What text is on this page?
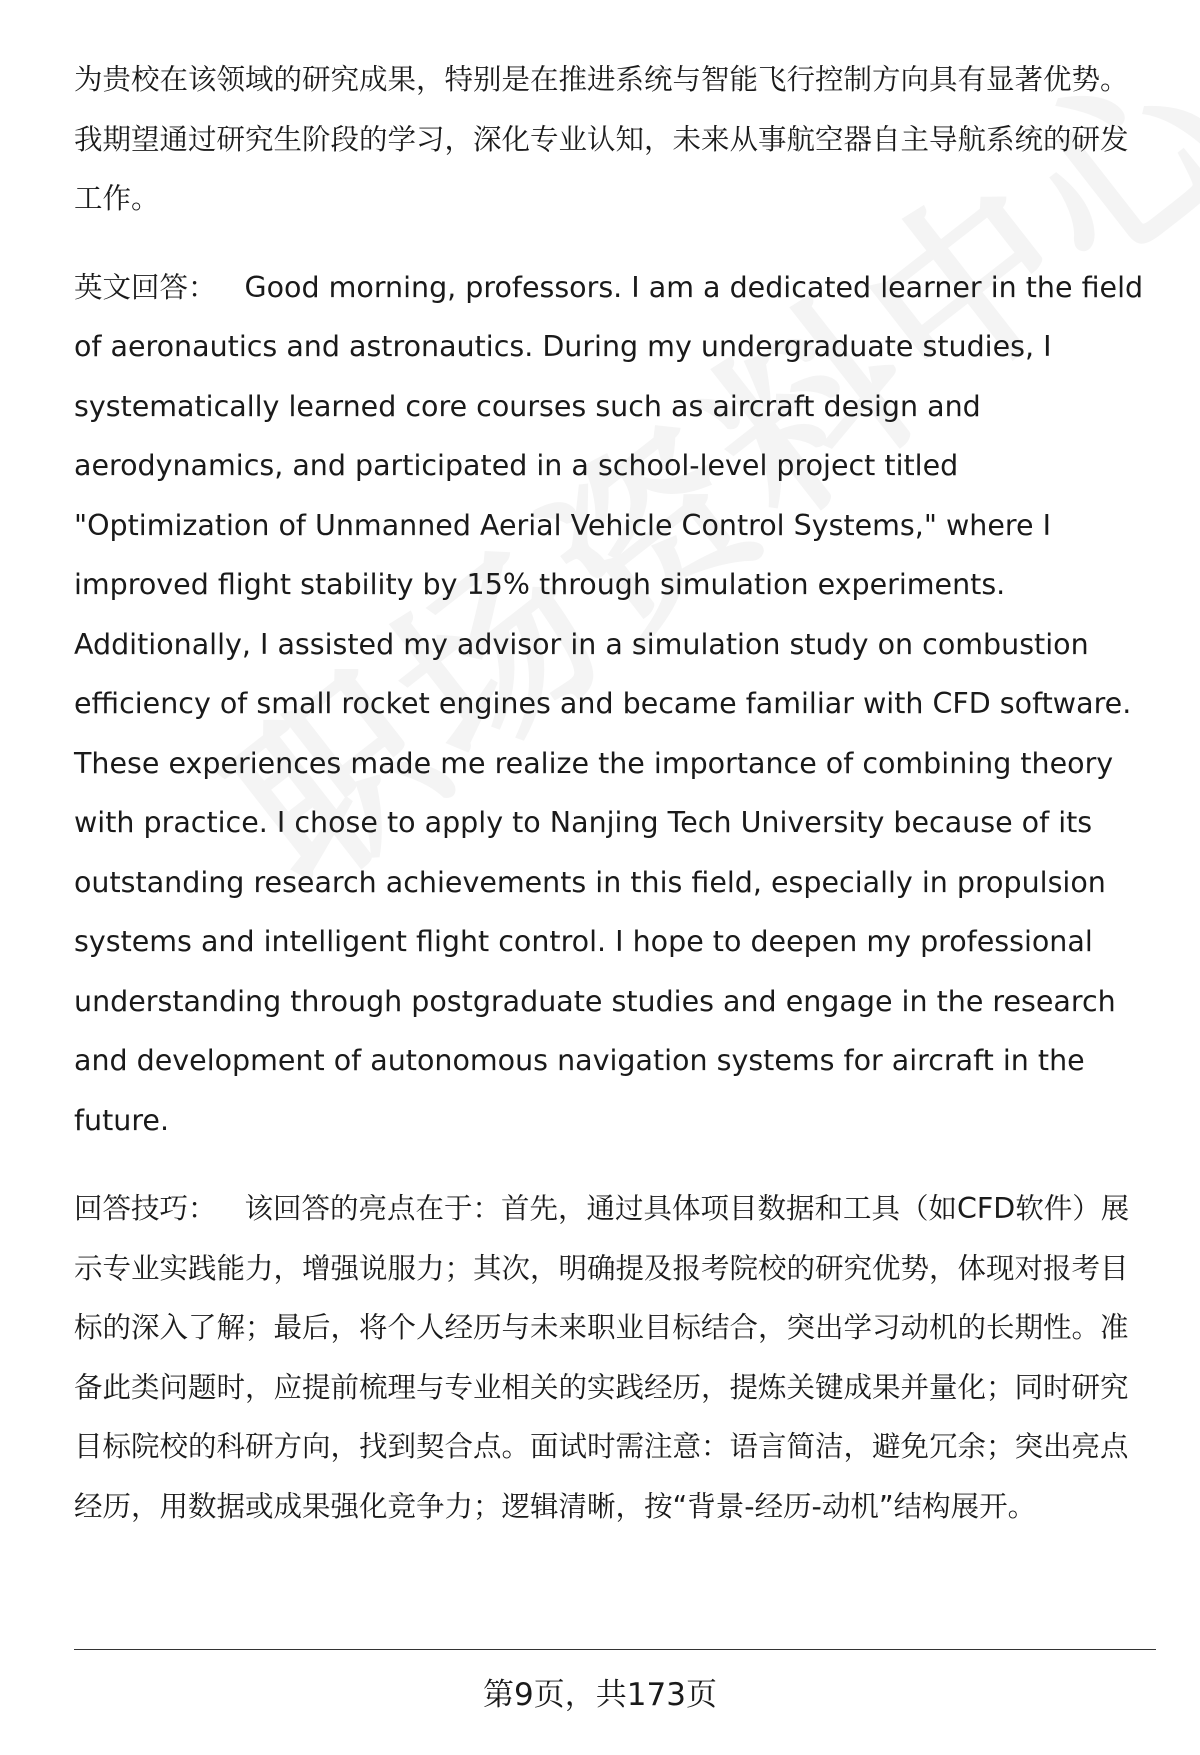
为贵校在该领域的研究成果，特别是在推进系统与智能飞行控制方向具有显著优势。我期望通过研究生阶段的学习，深化专业认知，未来从事航空器自主导航系统的研发工作。

英文回答： Good morning, professors. I am a dedicated learner in the field of aeronautics and astronautics. During my undergraduate studies, I systematically learned core courses such as aircraft design and aerodynamics, and participated in a school-level project titled "Optimization of Unmanned Aerial Vehicle Control Systems," where I improved flight stability by 15% through simulation experiments. Additionally, I assisted my advisor in a simulation study on combustion efficiency of small rocket engines and became familiar with CFD software. These experiences made me realize the importance of combining theory with practice. I chose to apply to Nanjing Tech University because of its outstanding research achievements in this field, especially in propulsion systems and intelligent flight control. I hope to deepen my professional understanding through postgraduate studies and engage in the research and development of autonomous navigation systems for aircraft in the future.

回答技巧： 该回答的亮点在于：首先，通过具体项目数据和工具（如CFD软件）展示专业实践能力，增强说服力；其次，明确提及报考院校的研究优势，体现对报考目标的深入了解；最后，将个人经历与未来职业目标结合，突出学习动机的长期性。准备此类问题时，应提前梳理与专业相关的实践经历，提炼关键成果并量化；同时研究目标院校的科研方向，找到契合点。面试时需注意：语言简洁，避免冗余；突出亮点经历，用数据或成果强化竞争力；逻辑清晰，按“背景-经历-动机”结构展开。

第9页，共173页
